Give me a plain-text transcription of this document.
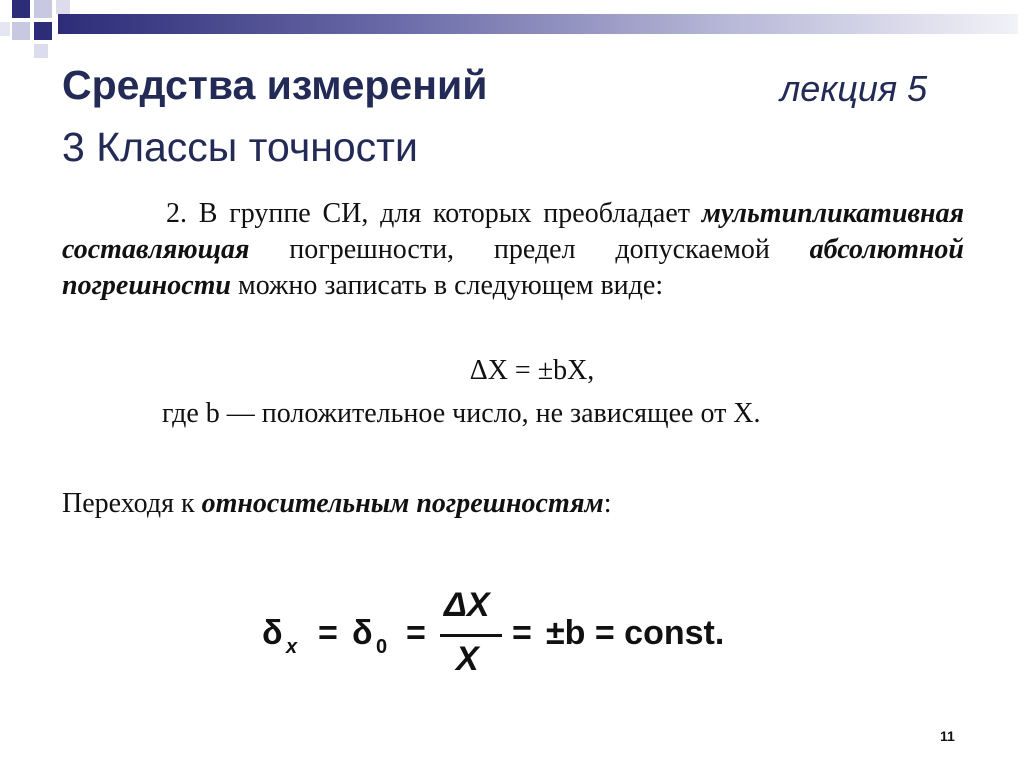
Средства измерений	лекция 5
3 Классы точности
2. В группе СИ, для которых преобладает мультипликативная составляющая погрешности, предел допускаемой абсолютной погрешности можно записать в следующем виде:
ΔX = ±bX,
где b — положительное число, не зависящее от X.
Переходя к относительным погрешностям:
δ x = δ 0 =
ΔX
X
= ±b = const.
11
